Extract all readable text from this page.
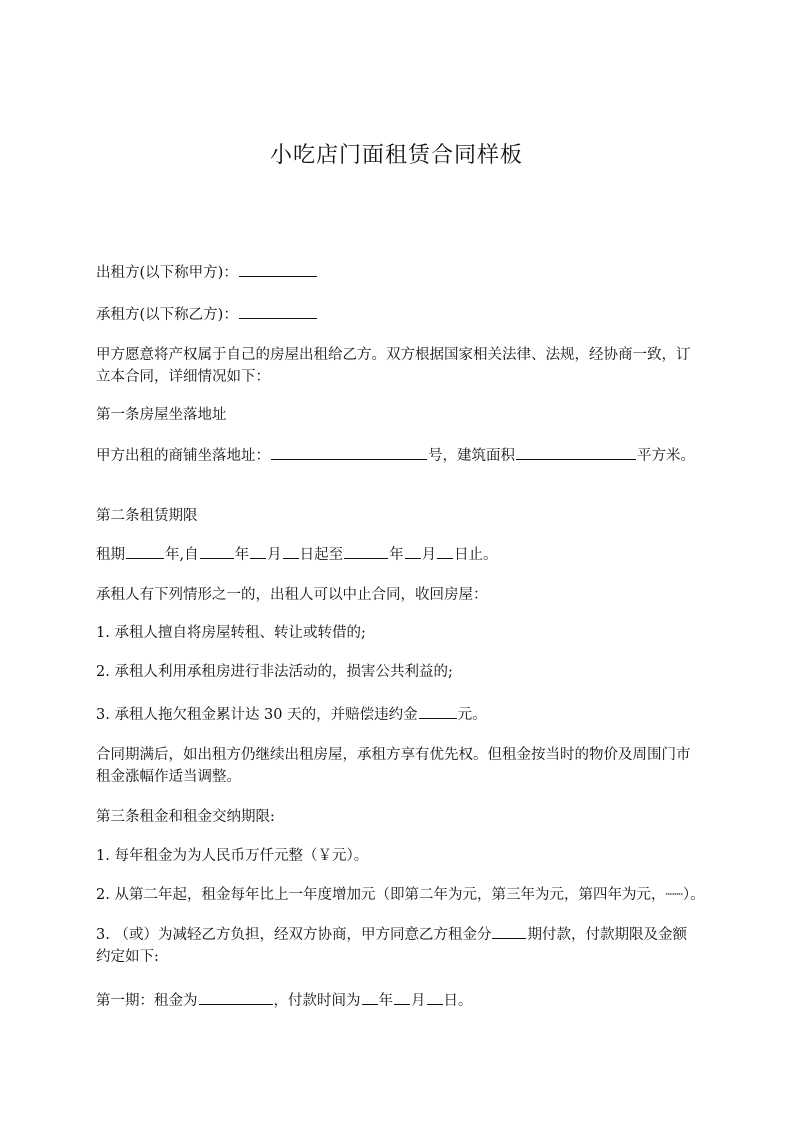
小吃店门面租赁合同样板

出租方(以下称甲方)：

承租方(以下称乙方)：

甲方愿意将产权属于自己的房屋出租给乙方。双方根据国家相关法律、法规，经协商一致，订立本合同，详细情况如下：

第一条房屋坐落地址

甲方出租的商铺坐落地址：	号，建筑面积	平方米。

第二条租赁期限

租期	年,自 年 月 日起至	年 月 日止。

承租人有下列情形之一的，出租人可以中止合同，收回房屋：

1. 承租人擅自将房屋转租、转让或转借的;

2. 承租人利用承租房进行非法活动的，损害公共利益的;

3. 承租人拖欠租金累计达 30 天的，并赔偿违约金	元。

合同期满后，如出租方仍继续出租房屋，承租方享有优先权。但租金按当时的物价及周围门市租金涨幅作适当调整。

第三条租金和租金交纳期限:

1. 每年租金为为人民币万仟元整（￥元）。

2. 从第二年起，租金每年比上一年度增加元（即第二年为元，第三年为元，第四年为元，┈┈）。

3. （或）为减轻乙方负担，经双方协商，甲方同意乙方租金分 期付款，付款期限及金额约定如下:

第一期：租金为	，付款时间为 年 月 日。
